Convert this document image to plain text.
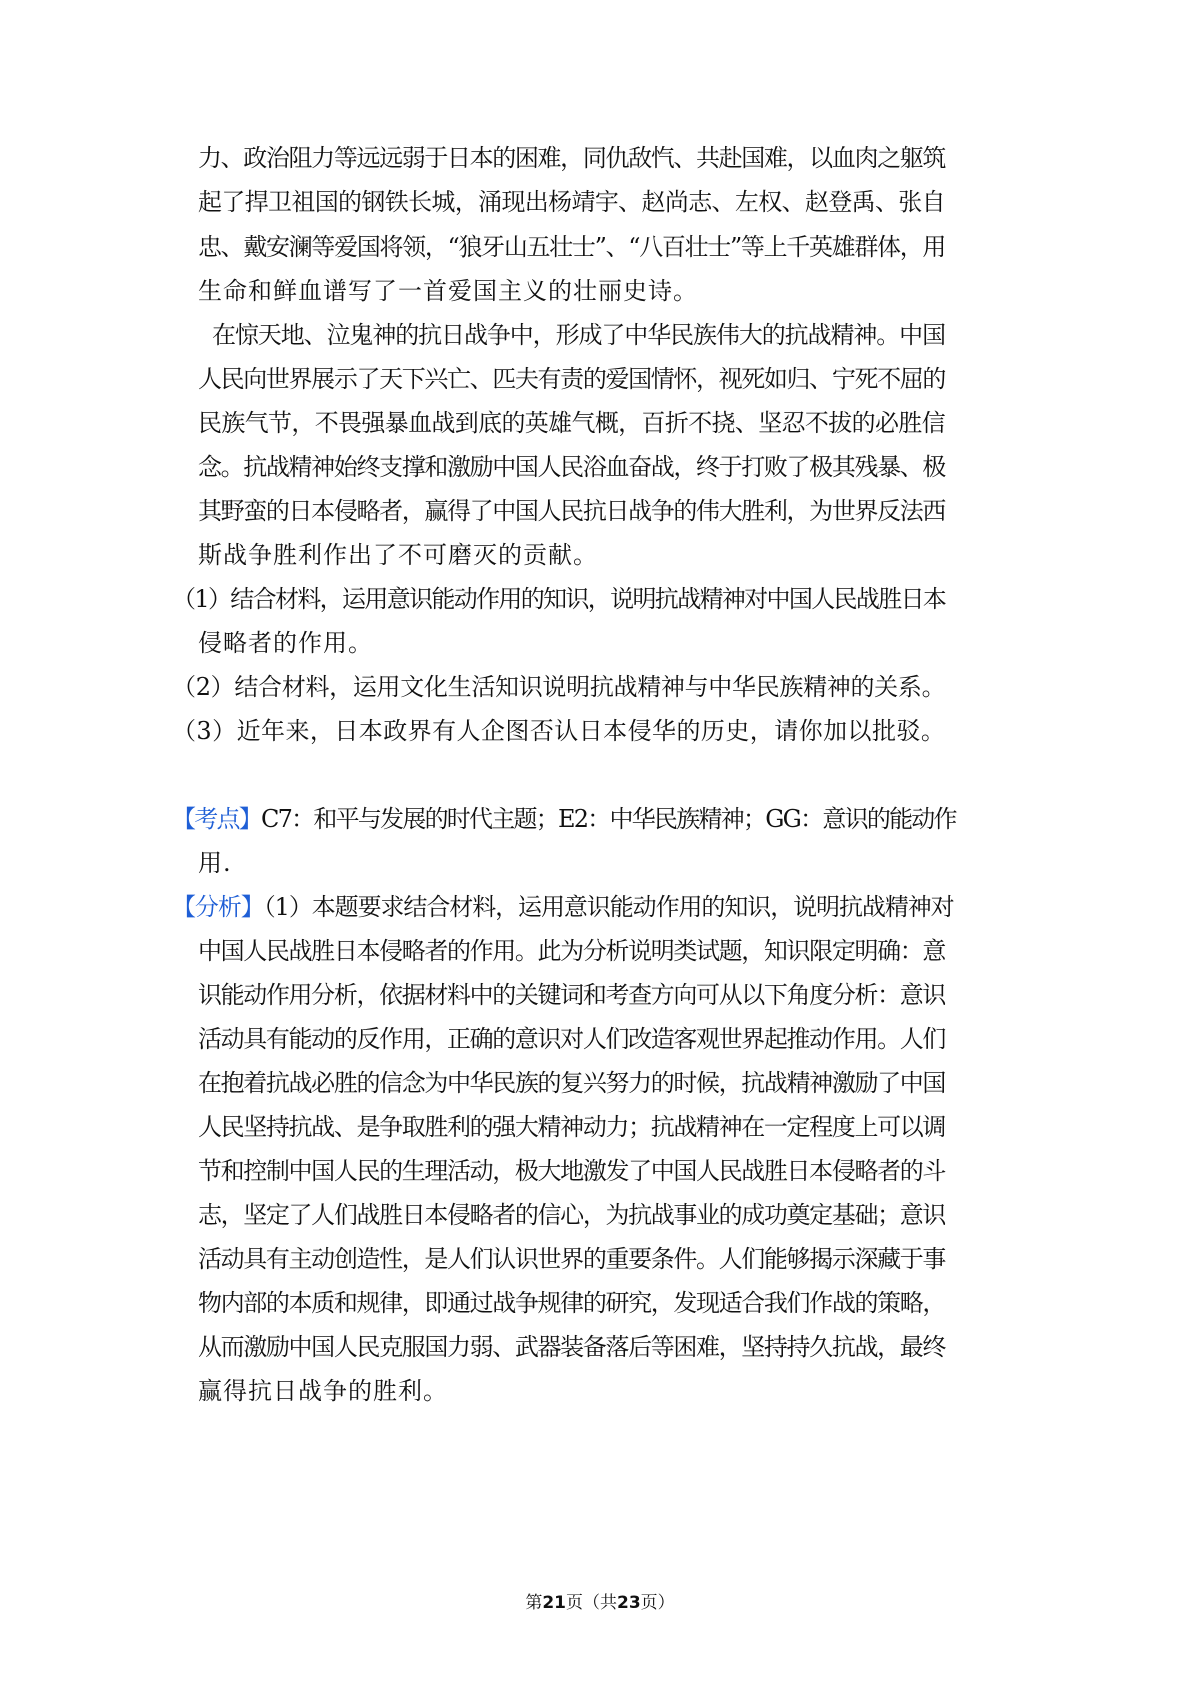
力、政治阻力等远远弱于日本的困难，同仇敌忾、共赴国难，以血肉之躯筑
起了捍卫祖国的钢铁长城，涌现出杨靖宇、赵尚志、左权、赵登禹、张自
忠、戴安澜等爱国将领，“狼牙山五壮士”、“八百壮士”等上千英雄群体，用
生命和鲜血谱写了一首爱国主义的壮丽史诗。
在惊天地、泣鬼神的抗日战争中，形成了中华民族伟大的抗战精神。中国
人民向世界展示了天下兴亡、匹夫有责的爱国情怀，视死如归、宁死不屈的
民族气节，不畏强暴血战到底的英雄气概，百折不挠、坚忍不拔的必胜信
念。抗战精神始终支撑和激励中国人民浴血奋战，终于打败了极其残暴、极
其野蛮的日本侵略者，赢得了中国人民抗日战争的伟大胜利，为世界反法西
斯战争胜利作出了不可磨灭的贡献。
（1）结合材料，运用意识能动作用的知识，说明抗战精神对中国人民战胜日本
侵略者的作用。
（2）结合材料，运用文化生活知识说明抗战精神与中华民族精神的关系。
（3）近年来，日本政界有人企图否认日本侵华的历史，请你加以批驳。
【考点】C7：和平与发展的时代主题；E2：中华民族精神；GG：意识的能动作
用.
【分析】（1）本题要求结合材料，运用意识能动作用的知识，说明抗战精神对
中国人民战胜日本侵略者的作用。此为分析说明类试题，知识限定明确：意
识能动作用分析，依据材料中的关键词和考查方向可从以下角度分析：意识
活动具有能动的反作用，正确的意识对人们改造客观世界起推动作用。人们
在抱着抗战必胜的信念为中华民族的复兴努力的时候，抗战精神激励了中国
人民坚持抗战、是争取胜利的强大精神动力；抗战精神在一定程度上可以调
节和控制中国人民的生理活动，极大地激发了中国人民战胜日本侵略者的斗
志，坚定了人们战胜日本侵略者的信心，为抗战事业的成功奠定基础；意识
活动具有主动创造性，是人们认识世界的重要条件。人们能够揭示深藏于事
物内部的本质和规律，即通过战争规律的研究，发现适合我们作战的策略，
从而激励中国人民克服国力弱、武器装备落后等困难，坚持持久抗战，最终
赢得抗日战争的胜利。
第21页（共23页）
